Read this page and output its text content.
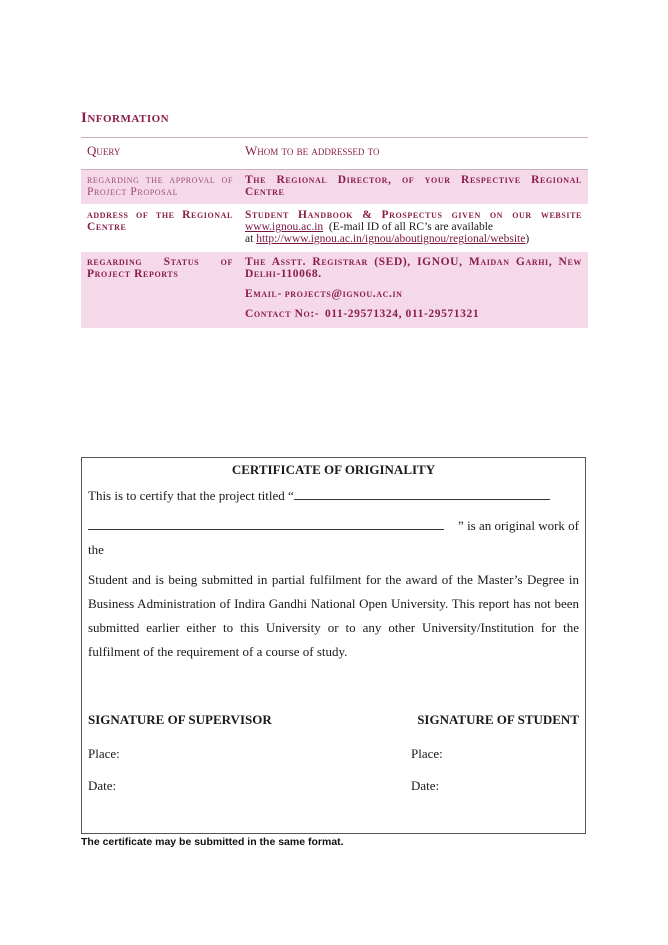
Information
Query	Whom to be addressed to
regarding the approval of Project Proposal	The Regional Director, of your Respective Regional Centre
address of the Regional Centre	Student Handbook & Prospectus given on our website www.ignou.ac.in (E-mail ID of all RC’s are available
at http://www.ignou.ac.in/ignou/aboutignou/regional/website)
regarding Status of Project Reports	The Asstt. Registrar (SED), IGNOU, Maidan Garhi, New Delhi-110068.

Email- projects@ignou.ac.in

Contact No:- 011-29571324, 011-29571321

CERTIFICATE OF ORIGINALITY

This is to certify that the project titled “

” is an original work of

the

Student and is being submitted in partial fulfilment for the award of the Master’s Degree in Business Administration of Indira Gandhi National Open University. This report has not been submitted earlier either to this University or to any other University/Institution for the fulfilment of the requirement of a course of study.

SIGNATURE OF SUPERVISOR	SIGNATURE OF STUDENT
Place:	Place:
Date:	Date:
The certificate may be submitted in the same format.
